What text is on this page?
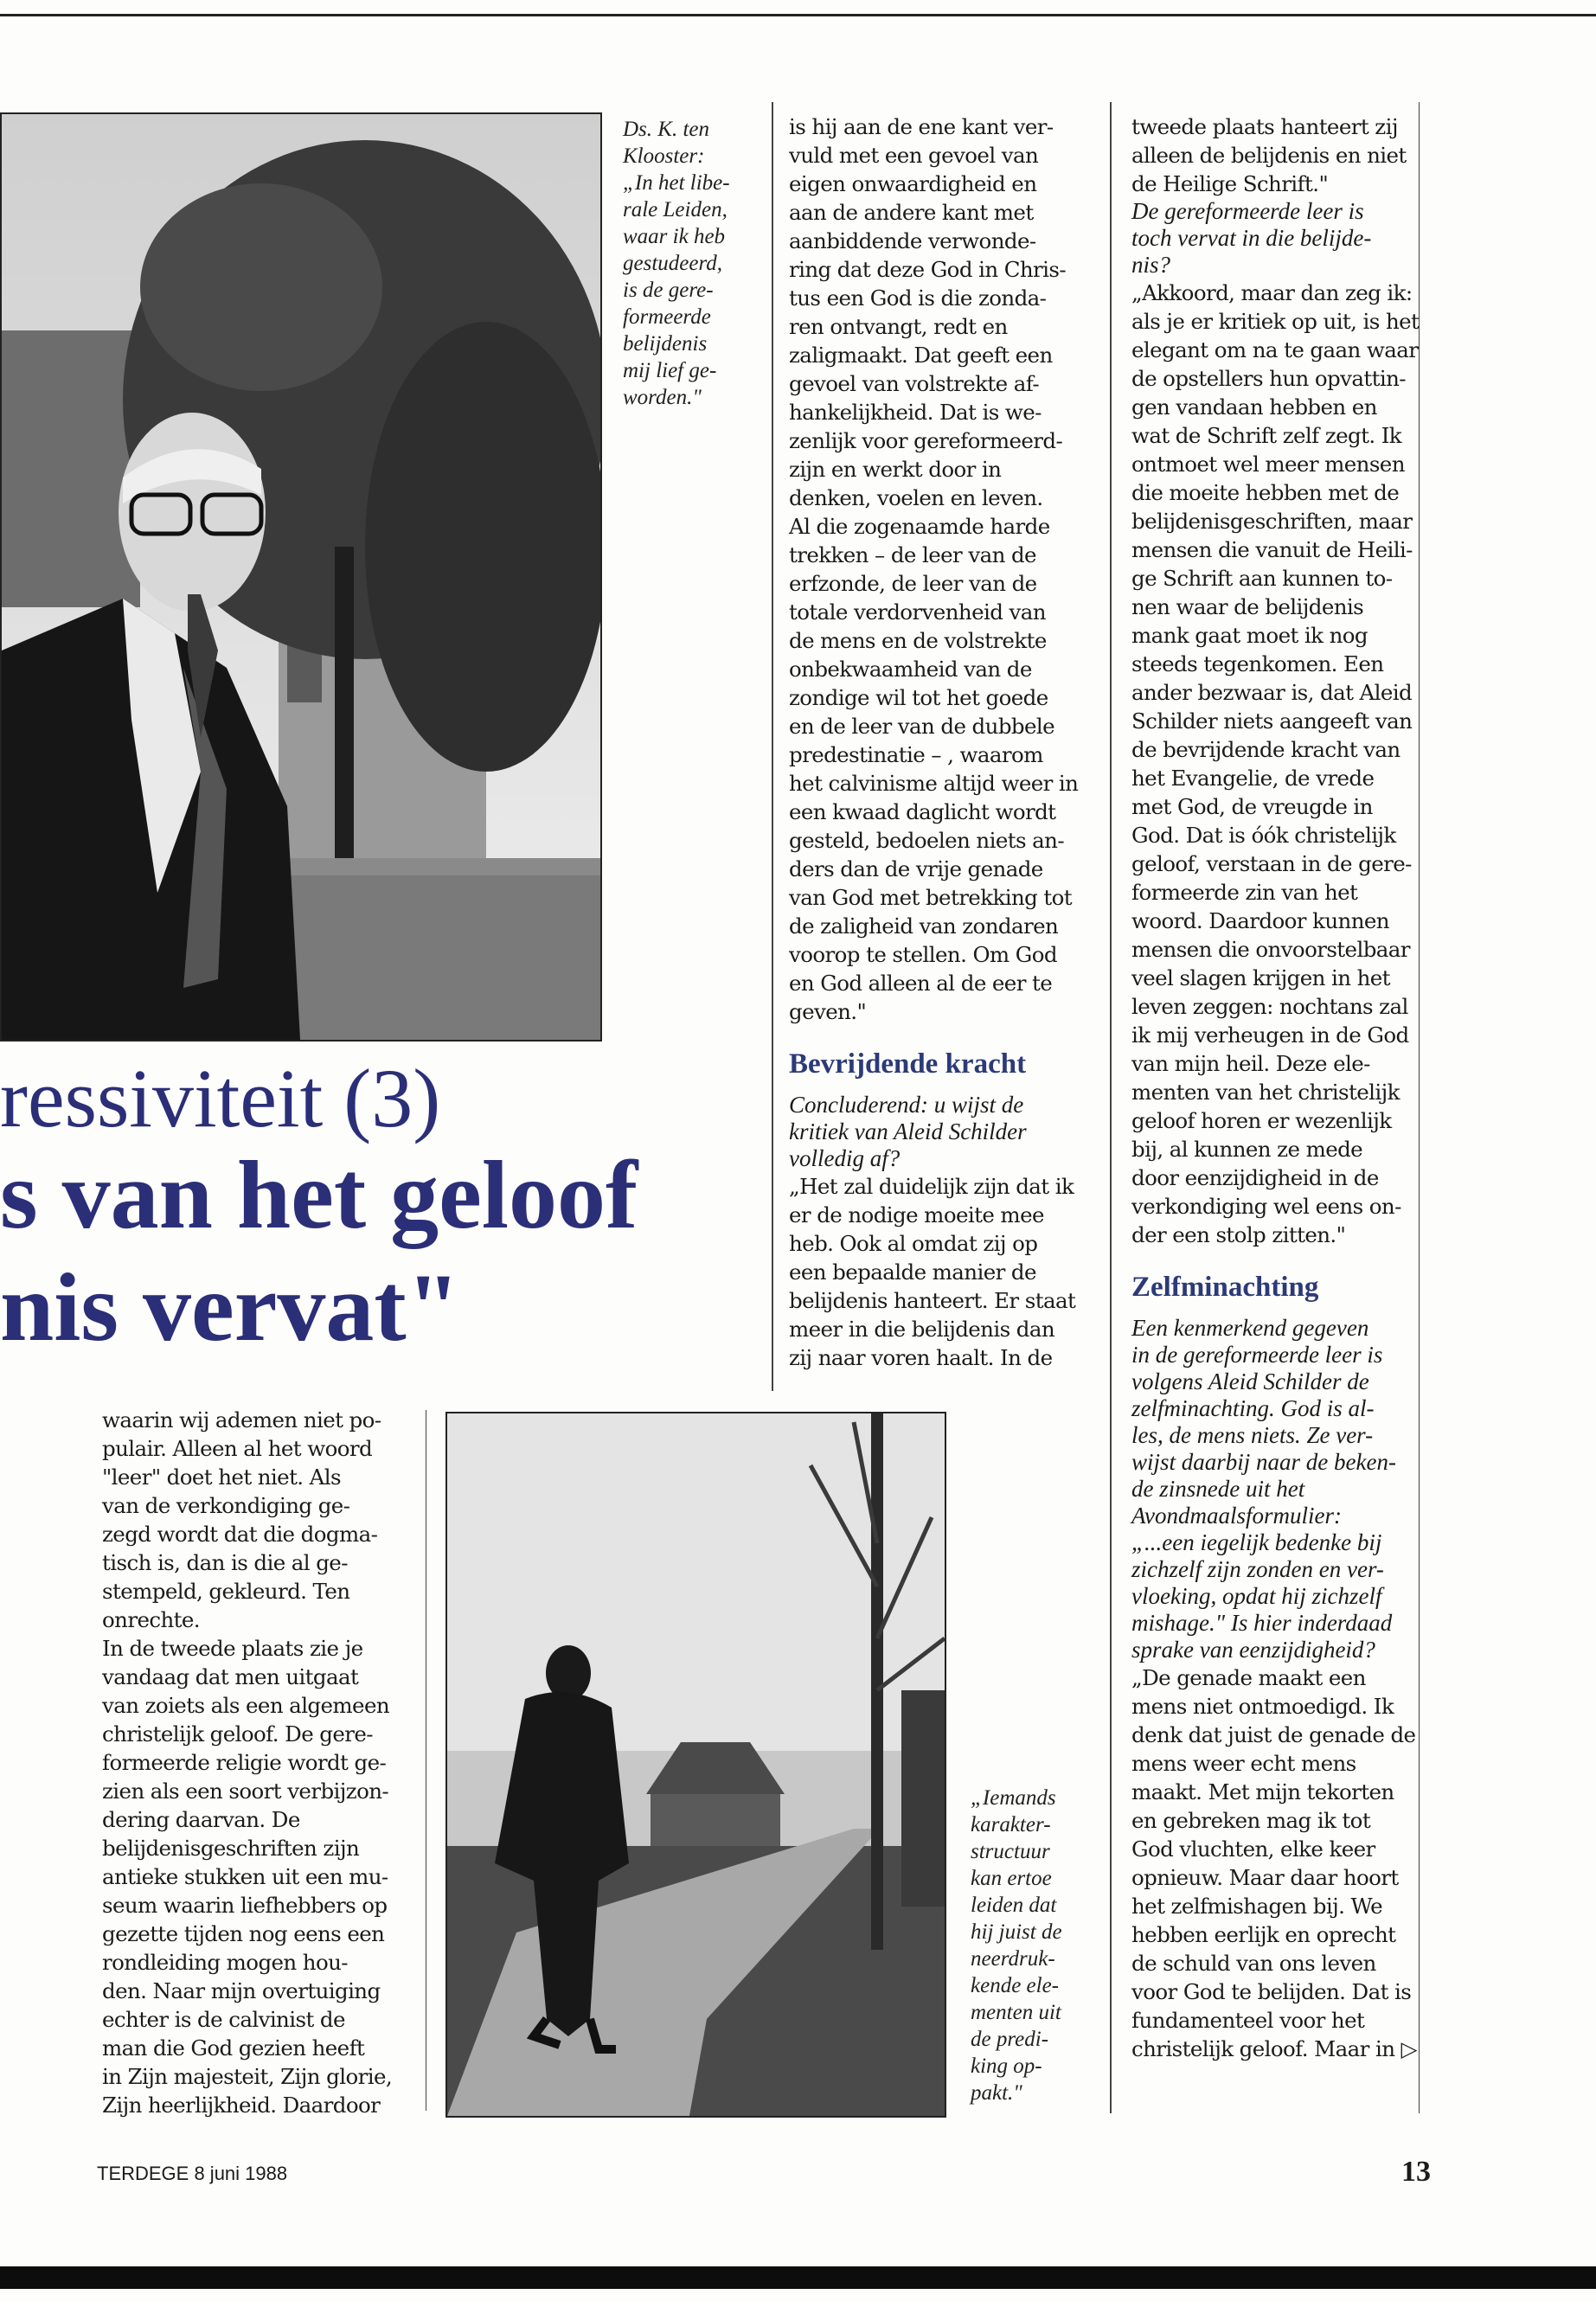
Ds. K. ten
Klooster:
„In het libe-
rale Leiden,
waar ik heb
gestudeerd,
is de gere-
formeerde
belijdenis
mij lief ge-
worden."
ressiviteit (3)
s van het geloof
nis vervat"
waarin wij ademen niet po-
pulair. Alleen al het woord
"leer" doet het niet. Als
van de verkondiging ge-
zegd wordt dat die dogma-
tisch is, dan is die al ge-
stempeld, gekleurd. Ten
onrechte.
In de tweede plaats zie je
vandaag dat men uitgaat
van zoiets als een algemeen
christelijk geloof. De gere-
formeerde religie wordt ge-
zien als een soort verbijzon-
dering daarvan. De
belijdenisgeschriften zijn
antieke stukken uit een mu-
seum waarin liefhebbers op
gezette tijden nog eens een
rondleiding mogen hou-
den. Naar mijn overtuiging
echter is de calvinist de
man die God gezien heeft
in Zijn majesteit, Zijn glorie,
Zijn heerlijkheid. Daardoor
is hij aan de ene kant ver-
vuld met een gevoel van
eigen onwaardigheid en
aan de andere kant met
aanbiddende verwonde-
ring dat deze God in Chris-
tus een God is die zonda-
ren ontvangt, redt en
zaligmaakt. Dat geeft een
gevoel van volstrekte af-
hankelijkheid. Dat is we-
zenlijk voor gereformeerd-
zijn en werkt door in
denken, voelen en leven.
Al die zogenaamde harde
trekken – de leer van de
erfzonde, de leer van de
totale verdorvenheid van
de mens en de volstrekte
onbekwaamheid van de
zondige wil tot het goede
en de leer van de dubbele
predestinatie – , waarom
het calvinisme altijd weer in
een kwaad daglicht wordt
gesteld, bedoelen niets an-
ders dan de vrije genade
van God met betrekking tot
de zaligheid van zondaren
voorop te stellen. Om God
en God alleen al de eer te
geven."
Bevrijdende kracht
Concluderend: u wijst de
kritiek van Aleid Schilder
volledig af?
„Het zal duidelijk zijn dat ik
er de nodige moeite mee
heb. Ook al omdat zij op
een bepaalde manier de
belijdenis hanteert. Er staat
meer in die belijdenis dan
zij naar voren haalt. In de
tweede plaats hanteert zij
alleen de belijdenis en niet
de Heilige Schrift."
De gereformeerde leer is
toch vervat in die belijde-
nis?
„Akkoord, maar dan zeg ik:
als je er kritiek op uit, is het
elegant om na te gaan waar
de opstellers hun opvattin-
gen vandaan hebben en
wat de Schrift zelf zegt. Ik
ontmoet wel meer mensen
die moeite hebben met de
belijdenisgeschriften, maar
mensen die vanuit de Heili-
ge Schrift aan kunnen to-
nen waar de belijdenis
mank gaat moet ik nog
steeds tegenkomen. Een
ander bezwaar is, dat Aleid
Schilder niets aangeeft van
de bevrijdende kracht van
het Evangelie, de vrede
met God, de vreugde in
God. Dat is óók christelijk
geloof, verstaan in de gere-
formeerde zin van het
woord. Daardoor kunnen
mensen die onvoorstelbaar
veel slagen krijgen in het
leven zeggen: nochtans zal
ik mij verheugen in de God
van mijn heil. Deze ele-
menten van het christelijk
geloof horen er wezenlijk
bij, al kunnen ze mede
door eenzijdigheid in de
verkondiging wel eens on-
der een stolp zitten."
Zelfminachting
Een kenmerkend gegeven
in de gereformeerde leer is
volgens Aleid Schilder de
zelfminachting. God is al-
les, de mens niets. Ze ver-
wijst daarbij naar de beken-
de zinsnede uit het
Avondmaalsformulier:
„...een iegelijk bedenke bij
zichzelf zijn zonden en ver-
vloeking, opdat hij zichzelf
mishage." Is hier inderdaad
sprake van eenzijdigheid?
„De genade maakt een
mens niet ontmoedigd. Ik
denk dat juist de genade de
mens weer echt mens
maakt. Met mijn tekorten
en gebreken mag ik tot
God vluchten, elke keer
opnieuw. Maar daar hoort
het zelfmishagen bij. We
hebben eerlijk en oprecht
de schuld van ons leven
voor God te belijden. Dat is
fundamenteel voor het
christelijk geloof. Maar in ▷
„Iemands
karakter-
structuur
kan ertoe
leiden dat
hij juist de
neerdruk-
kende ele-
menten uit
de predi-
king op-
pakt."
TERDEGE 8 juni 1988	13
